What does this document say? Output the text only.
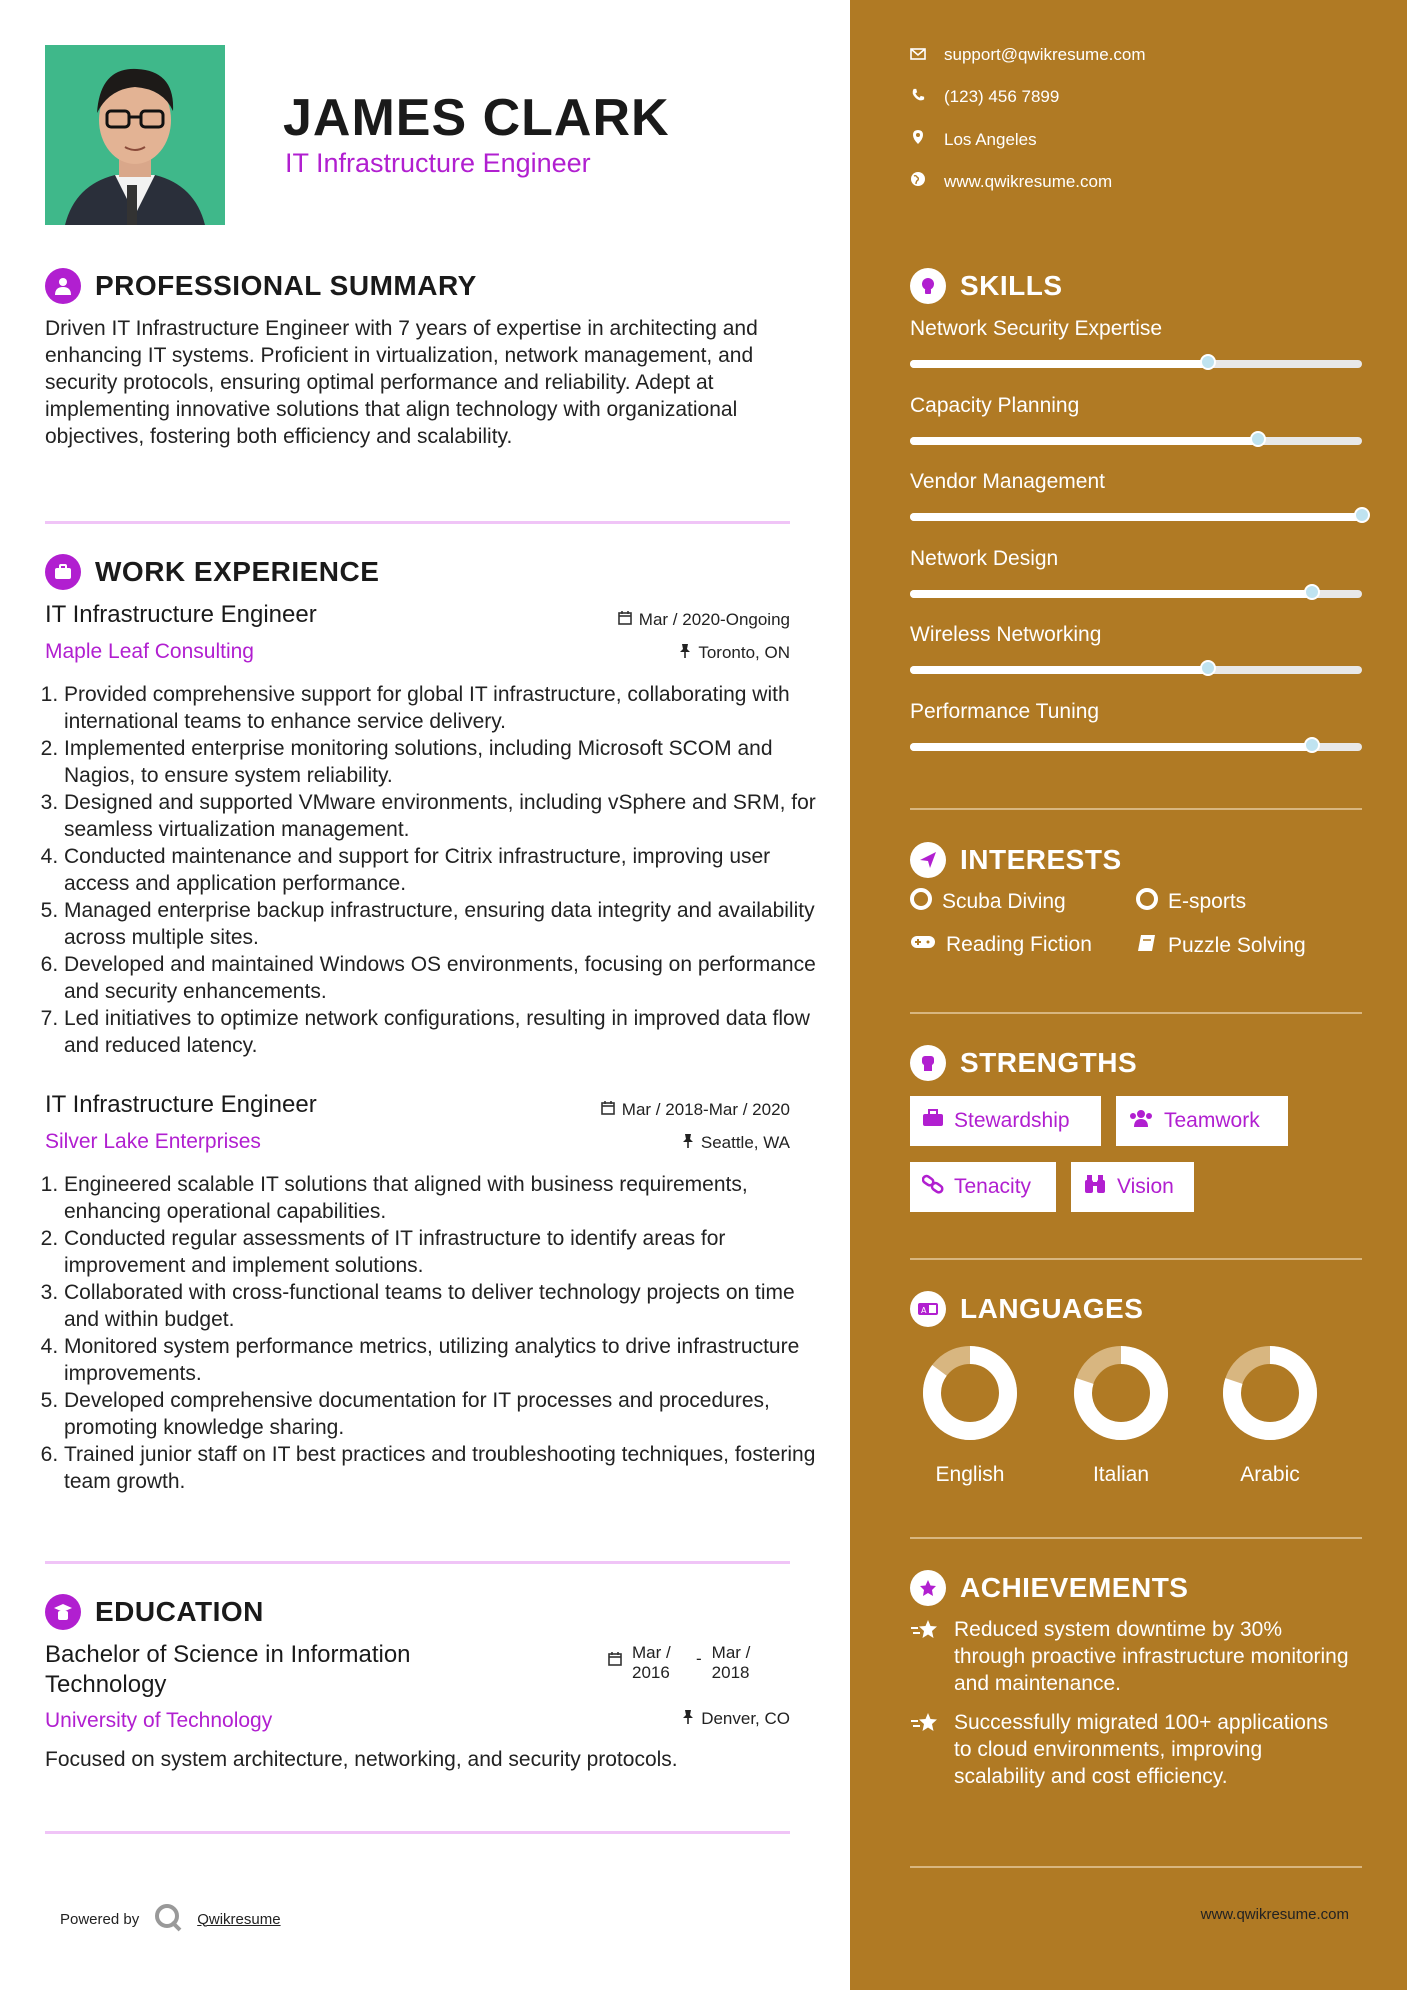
JAMES CLARK
IT Infrastructure Engineer
PROFESSIONAL SUMMARY
Driven IT Infrastructure Engineer with 7 years of expertise in architecting and enhancing IT systems. Proficient in virtualization, network management, and security protocols, ensuring optimal performance and reliability. Adept at implementing innovative solutions that align technology with organizational objectives, fostering both efficiency and scalability.
WORK EXPERIENCE
IT Infrastructure Engineer	Mar / 2020-Ongoing
Maple Leaf Consulting	Toronto, ON
1. Provided comprehensive support for global IT infrastructure, collaborating with international teams to enhance service delivery.
2. Implemented enterprise monitoring solutions, including Microsoft SCOM and Nagios, to ensure system reliability.
3. Designed and supported VMware environments, including vSphere and SRM, for seamless virtualization management.
4. Conducted maintenance and support for Citrix infrastructure, improving user access and application performance.
5. Managed enterprise backup infrastructure, ensuring data integrity and availability across multiple sites.
6. Developed and maintained Windows OS environments, focusing on performance and security enhancements.
7. Led initiatives to optimize network configurations, resulting in improved data flow and reduced latency.
IT Infrastructure Engineer	Mar / 2018-Mar / 2020
Silver Lake Enterprises	Seattle, WA
1. Engineered scalable IT solutions that aligned with business requirements, enhancing operational capabilities.
2. Conducted regular assessments of IT infrastructure to identify areas for improvement and implement solutions.
3. Collaborated with cross-functional teams to deliver technology projects on time and within budget.
4. Monitored system performance metrics, utilizing analytics to drive infrastructure improvements.
5. Developed comprehensive documentation for IT processes and procedures, promoting knowledge sharing.
6. Trained junior staff on IT best practices and troubleshooting techniques, fostering team growth.
EDUCATION
Bachelor of Science in Information Technology
Mar / 2016
- Mar / 2018
University of Technology	Denver, CO
Focused on system architecture, networking, and security protocols.
Powered by	Qwikresume
support@qwikresume.com
(123) 456 7899
Los Angeles
www.qwikresume.com
SKILLS
Network Security Expertise
Capacity Planning
Vendor Management
Network Design
Wireless Networking
Performance Tuning
INTERESTS
Scuba Diving	E-sports
Reading Fiction	Puzzle Solving
STRENGTHS
Stewardship	Teamwork
Tenacity	Vision
A LANGUAGES
English	Italian	Arabic
ACHIEVEMENTS
Reduced system downtime by 30% through proactive infrastructure monitoring and maintenance.
Successfully migrated 100+ applications to cloud environments, improving scalability and cost efficiency.
www.qwikresume.com
